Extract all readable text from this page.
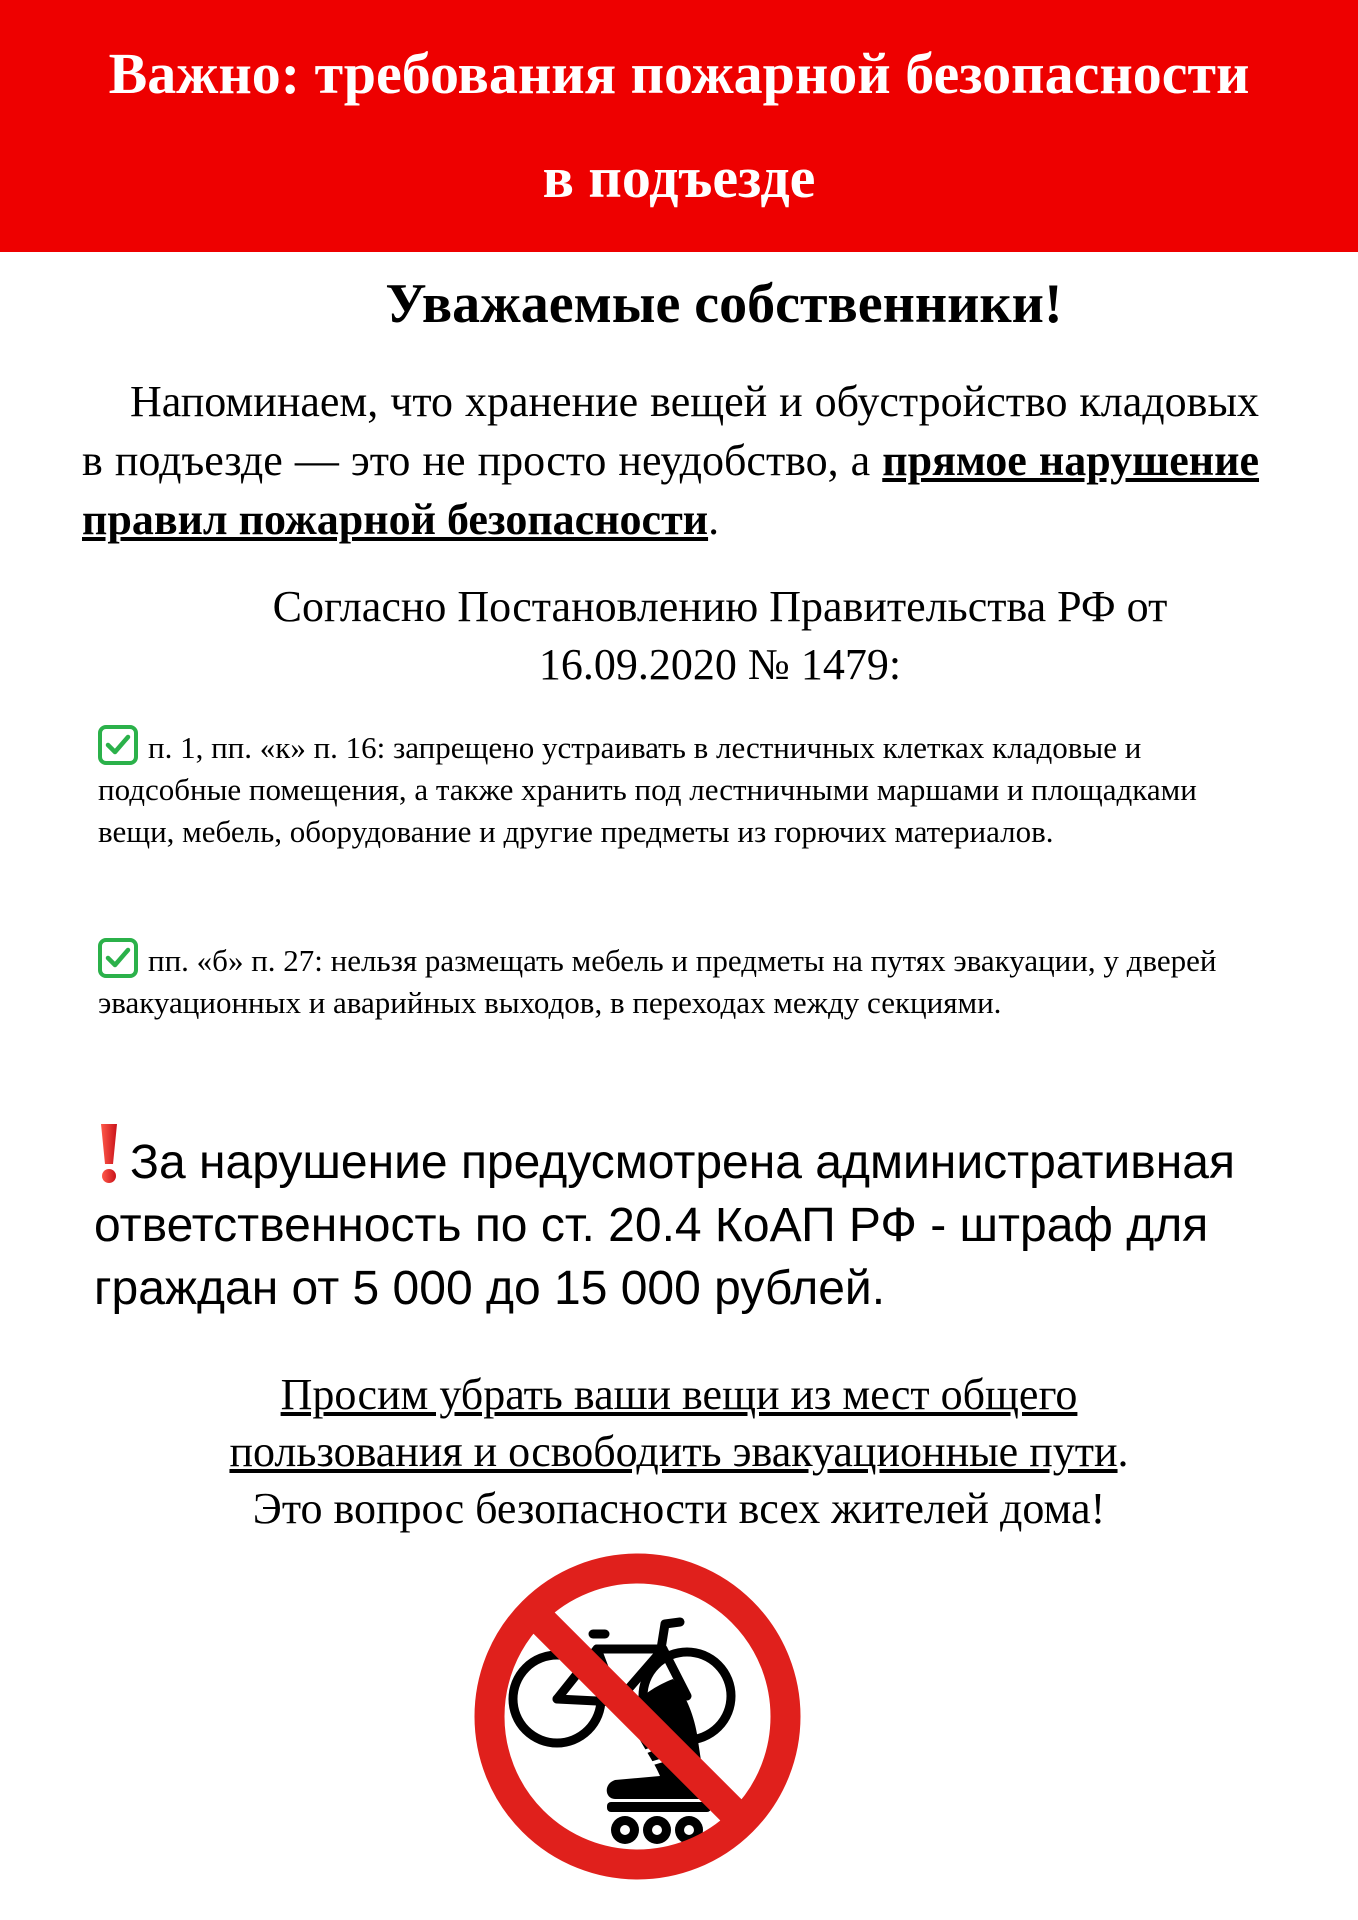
Важно: требования пожарной безопасности
в подъезде
Уважаемые собственники!
Напоминаем, что хранение вещей и обустройство кладовых в подъезде — это не просто неудобство, а прямое нарушение правил пожарной безопасности.
Согласно Постановлению Правительства РФ от
16.09.2020 № 1479:
п. 1, пп. «к» п. 16: запрещено устраивать в лестничных клетках кладовые и подсобные помещения, а также хранить под лестничными маршами и площадками вещи, мебель, оборудование и другие предметы из горючих материалов.
пп. «б» п. 27: нельзя размещать мебель и предметы на путях эвакуации, у дверей эвакуационных и аварийных выходов, в переходах между секциями.
За нарушение предусмотрена административная ответственность по ст. 20.4 КоАП РФ - штраф для граждан от 5 000 до 15 000 рублей.
Просим убрать ваши вещи из мест общего
пользования и освободить эвакуационные пути.
Это вопрос безопасности всех жителей дома!
